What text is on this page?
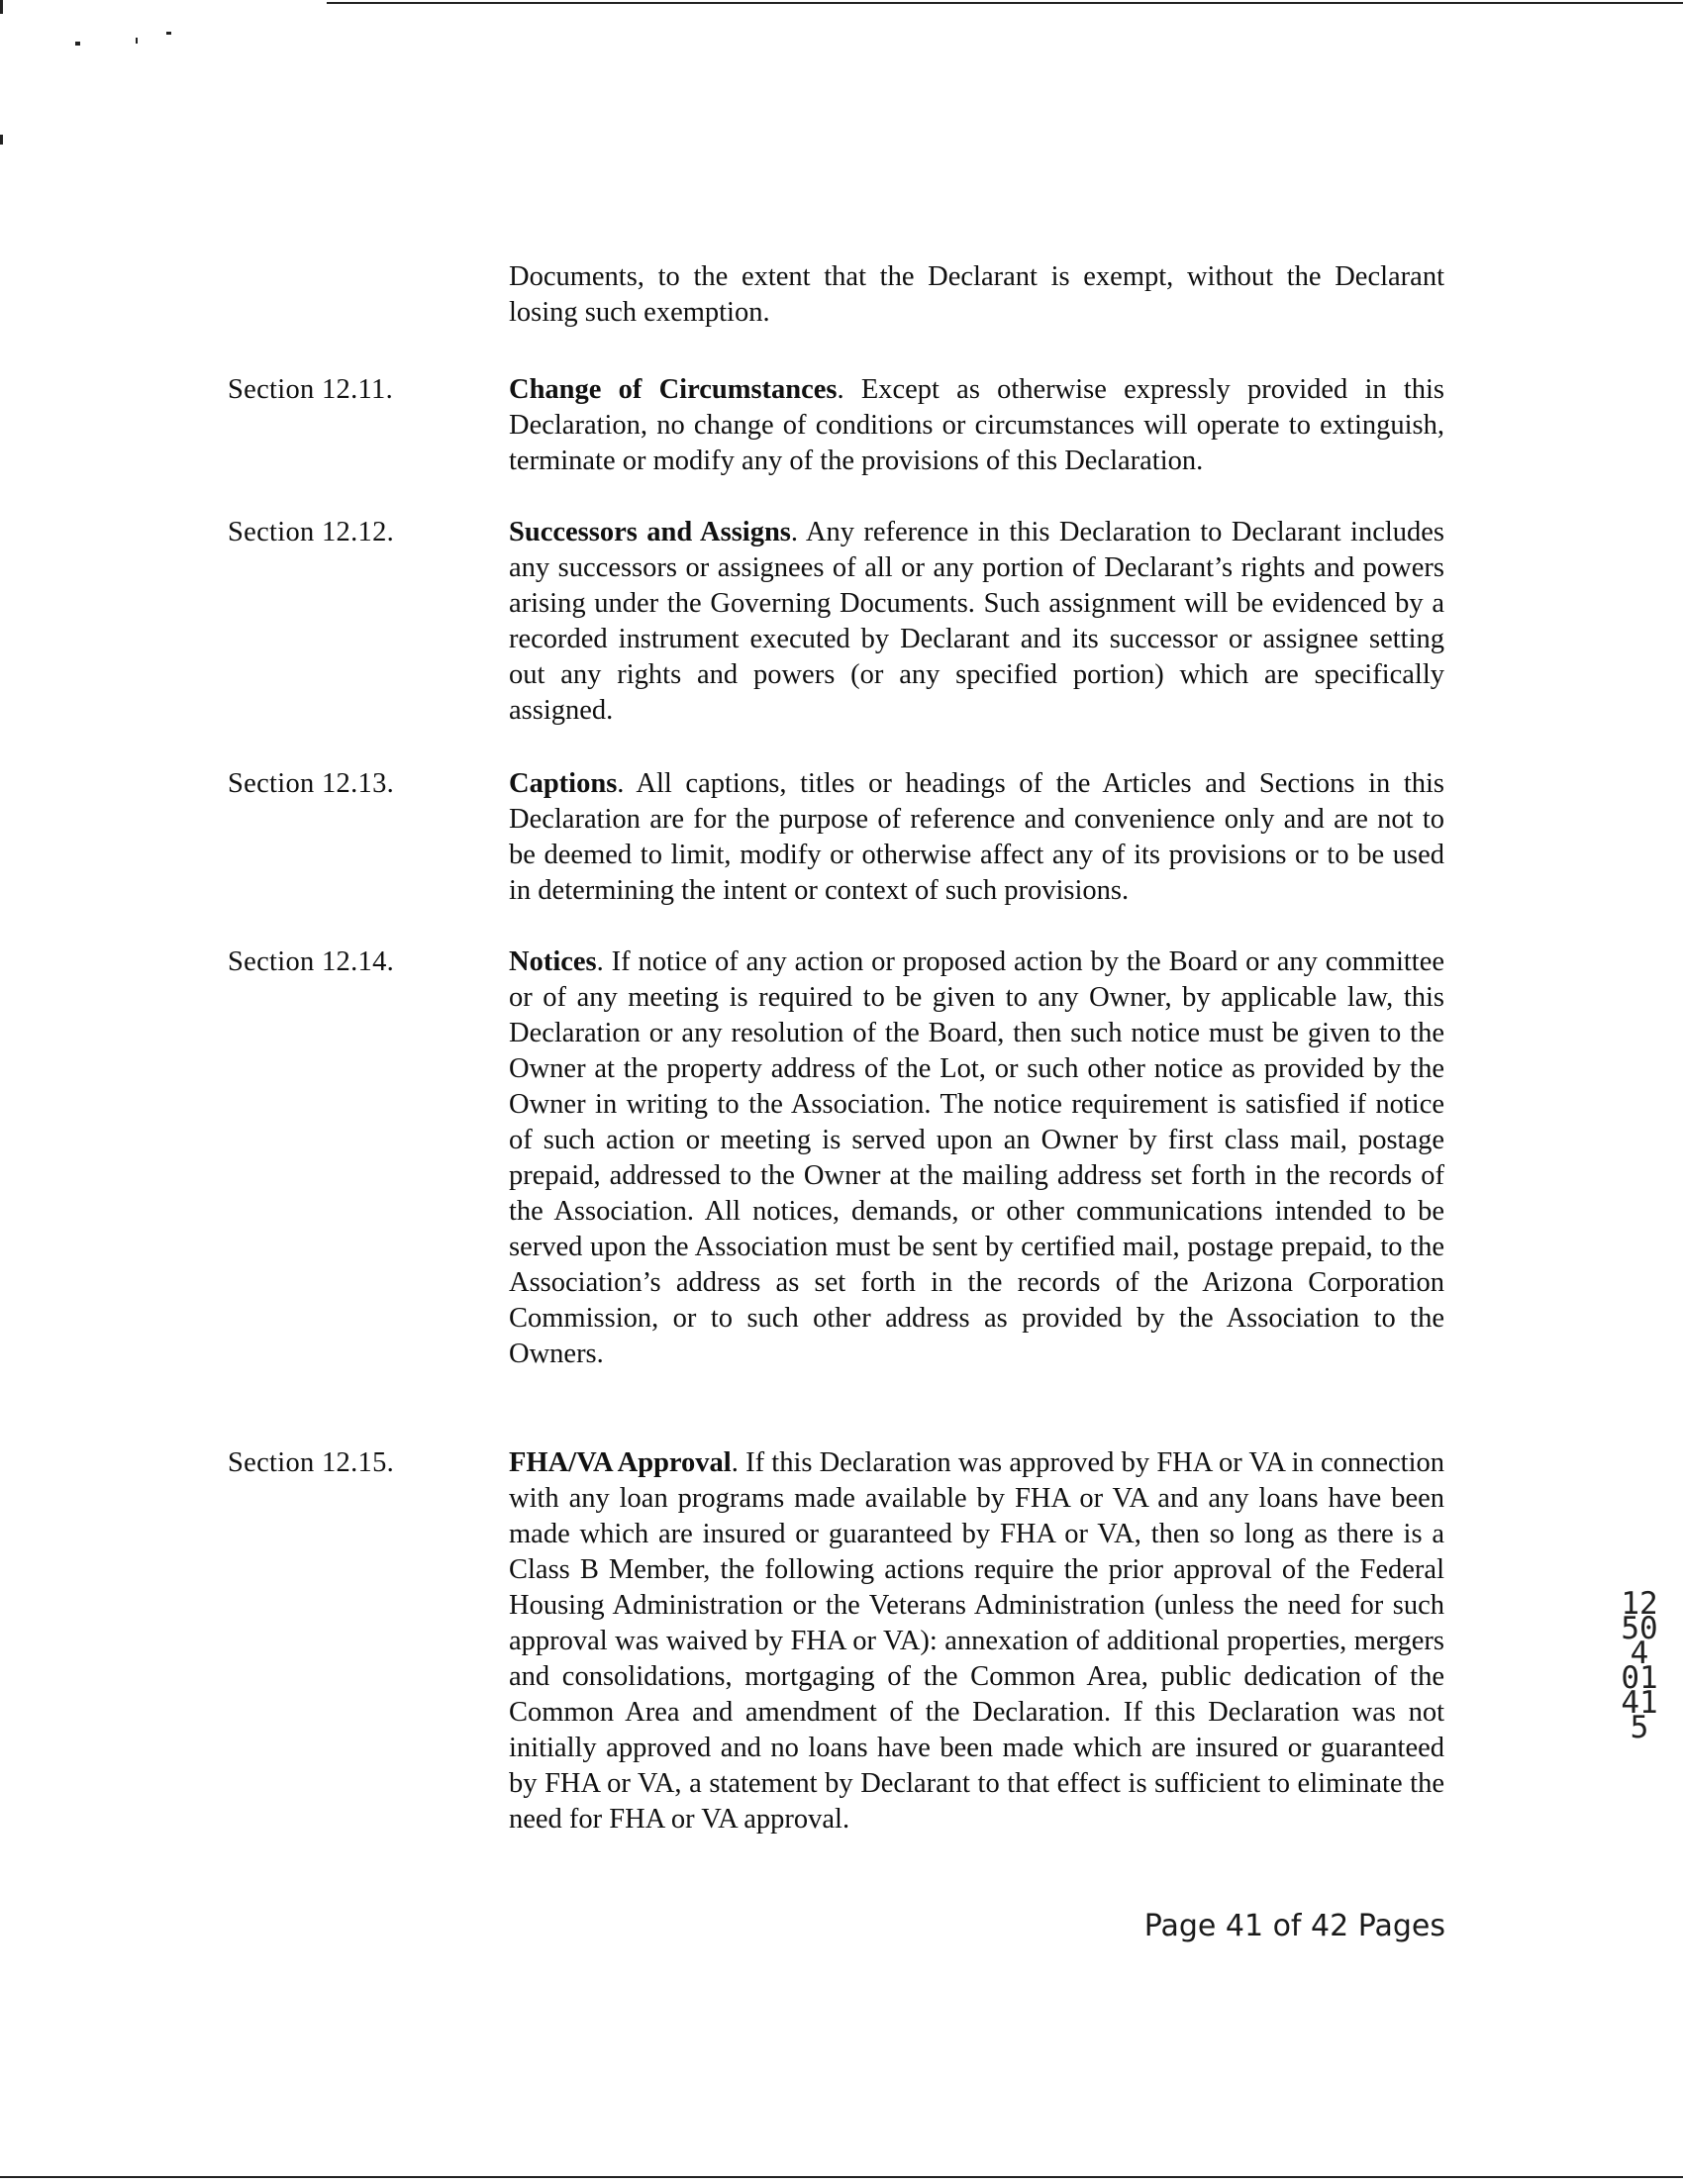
Documents, to the extent that the Declarant is exempt, without the Declarant losing such exemption.
Section 12.11.	Change of Circumstances. Except as otherwise expressly provided in this Declaration, no change of conditions or circumstances will operate to extinguish, terminate or modify any of the provisions of this Declaration.
Section 12.12.	Successors and Assigns. Any reference in this Declaration to Declarant includes any successors or assignees of all or any portion of Declarant’s rights and powers arising under the Governing Documents. Such assignment will be evidenced by a recorded instrument executed by Declarant and its successor or assignee setting out any rights and powers (or any specified portion) which are specifically assigned.
Section 12.13.	Captions. All captions, titles or headings of the Articles and Sections in this Declaration are for the purpose of reference and convenience only and are not to be deemed to limit, modify or otherwise affect any of its provisions or to be used in determining the intent or context of such provisions.
Section 12.14.	Notices. If notice of any action or proposed action by the Board or any committee or of any meeting is required to be given to any Owner, by applicable law, this Declaration or any resolution of the Board, then such notice must be given to the Owner at the property address of the Lot, or such other notice as provided by the Owner in writing to the Association. The notice requirement is satisfied if notice of such action or meeting is served upon an Owner by first class mail, postage prepaid, addressed to the Owner at the mailing address set forth in the records of the Association. All notices, demands, or other communications intended to be served upon the Association must be sent by certified mail, postage prepaid, to the Association’s address as set forth in the records of the Arizona Corporation Commission, or to such other address as provided by the Association to the Owners.
Section 12.15.	FHA/VA Approval. If this Declaration was approved by FHA or VA in connection with any loan programs made available by FHA or VA and any loans have been made which are insured or guaranteed by FHA or VA, then so long as there is a Class B Member, the following actions require the prior approval of the Federal Housing Administration or the Veterans Administration (unless the need for such approval was waived by FHA or VA): annexation of additional properties, mergers and consolidations, mortgaging of the Common Area, public dedication of the Common Area and amendment of the Declaration. If this Declaration was not initially approved and no loans have been made which are insured or guaranteed by FHA or VA, a statement by Declarant to that effect is sufficient to eliminate the need for FHA or VA approval.
Page 41 of 42 Pages
12504 01415
